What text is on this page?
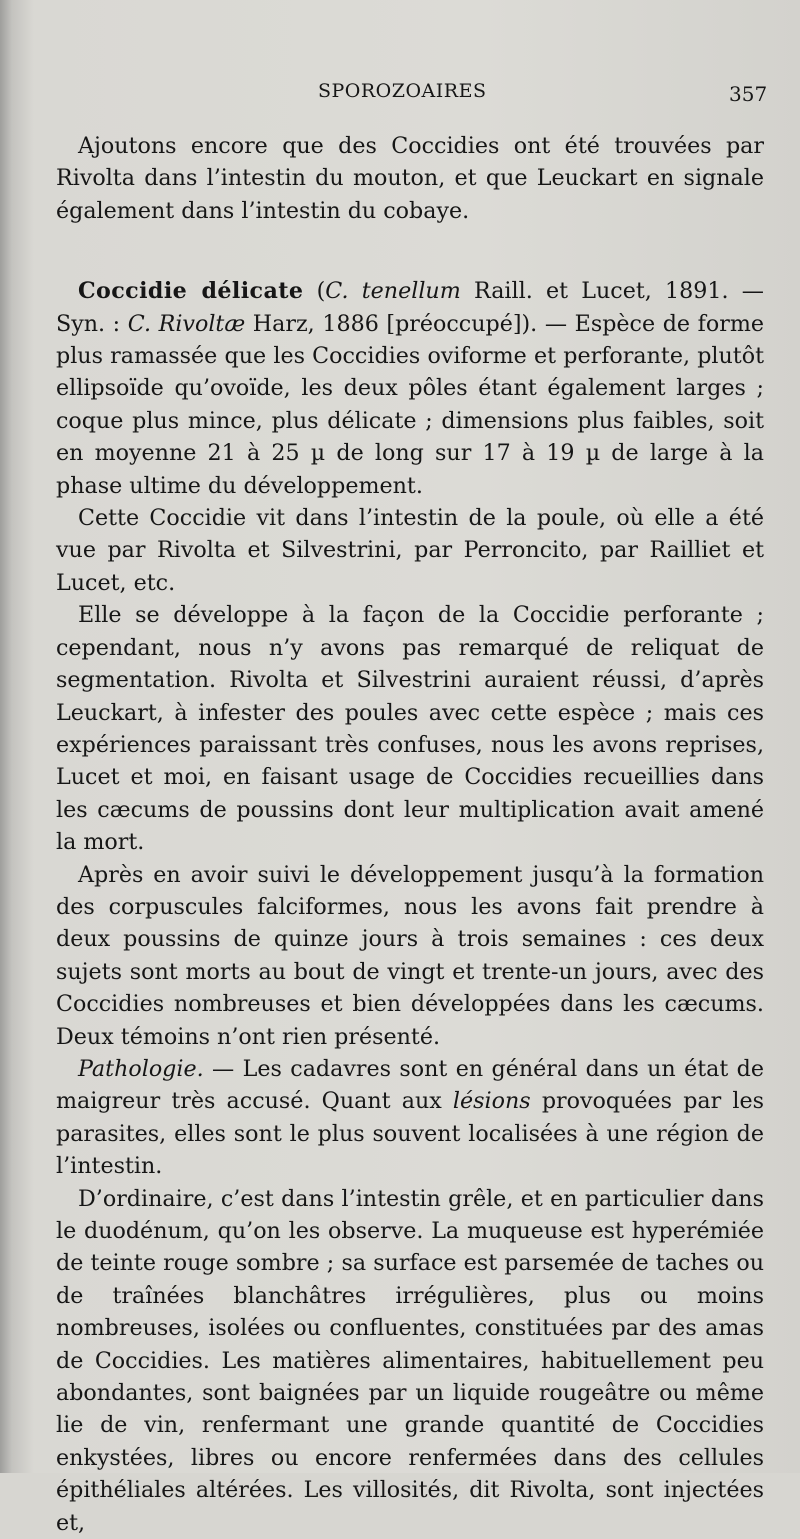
SPOROZOAIRES	357

Ajoutons encore que des Coccidies ont été trouvées par Rivolta dans l’intestin du mouton, et que Leuckart en signale également dans l’intestin du cobaye.

Coccidie délicate (C. tenellum Raill. et Lucet, 1891. — Syn. : C. Rivoltæ Harz, 1886 [préoccupé]). — Espèce de forme plus ramassée que les Coccidies oviforme et perforante, plutôt ellipsoïde qu’ovoïde, les deux pôles étant également larges ; coque plus mince, plus délicate ; dimensions plus faibles, soit en moyenne 21 à 25 µ de long sur 17 à 19 µ de large à la phase ultime du développement.

Cette Coccidie vit dans l’intestin de la poule, où elle a été vue par Rivolta et Silvestrini, par Perroncito, par Railliet et Lucet, etc.

Elle se développe à la façon de la Coccidie perforante ; cependant, nous n’y avons pas remarqué de reliquat de segmentation. Rivolta et Silvestrini auraient réussi, d’après Leuckart, à infester des poules avec cette espèce ; mais ces expériences paraissant très confuses, nous les avons reprises, Lucet et moi, en faisant usage de Coccidies recueillies dans les cæcums de poussins dont leur multiplication avait amené la mort.

Après en avoir suivi le développement jusqu’à la formation des corpuscules falciformes, nous les avons fait prendre à deux poussins de quinze jours à trois semaines : ces deux sujets sont morts au bout de vingt et trente-un jours, avec des Coccidies nombreuses et bien développées dans les cæcums. Deux témoins n’ont rien présenté.

Pathologie. — Les cadavres sont en général dans un état de maigreur très accusé. Quant aux lésions provoquées par les parasites, elles sont le plus souvent localisées à une région de l’intestin.

D’ordinaire, c’est dans l’intestin grêle, et en particulier dans le duodénum, qu’on les observe. La muqueuse est hyperémiée de teinte rouge sombre ; sa surface est parsemée de taches ou de traînées blanchâtres irrégulières, plus ou moins nombreuses, isolées ou confluentes, constituées par des amas de Coccidies. Les matières alimentaires, habituellement peu abondantes, sont baignées par un liquide rougeâtre ou même lie de vin, renfermant une grande quantité de Coccidies enkystées, libres ou encore renfermées dans des cellules épithéliales altérées. Les villosités, dit Rivolta, sont injectées et,
